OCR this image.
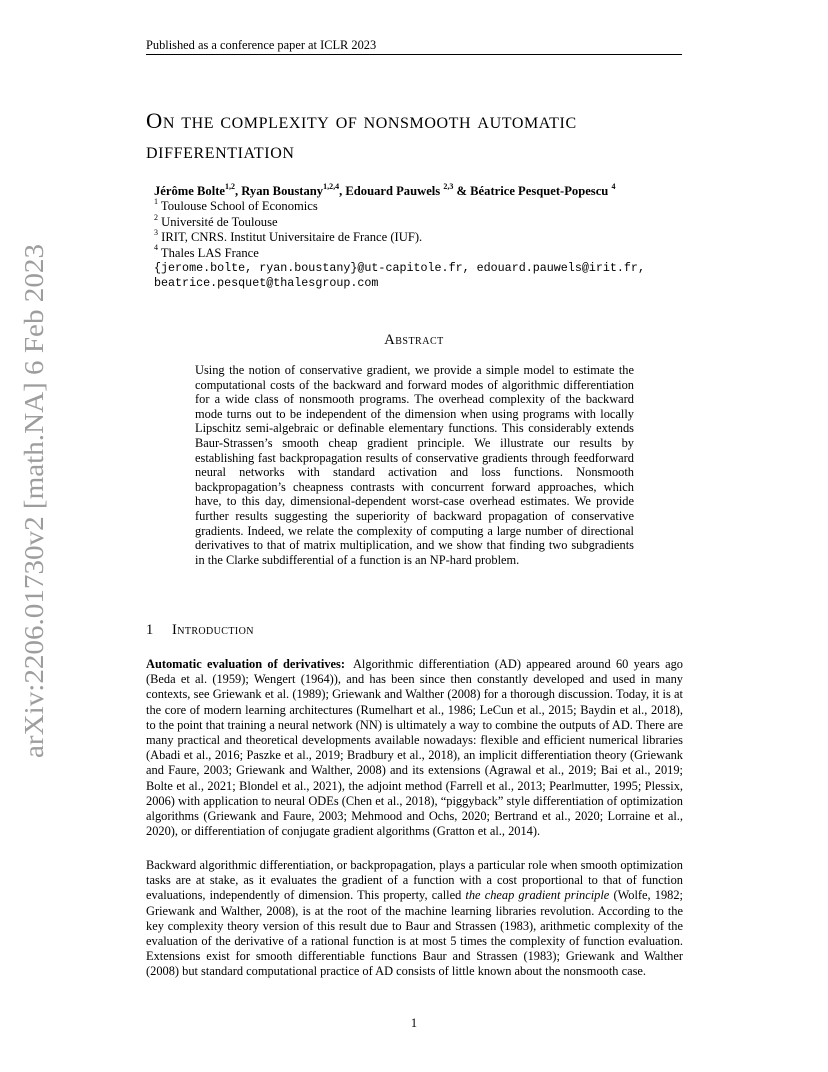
arXiv:2206.01730v2 [math.NA] 6 Feb 2023
Published as a conference paper at ICLR 2023
On the complexity of nonsmooth automatic
differentiation
Jérôme Bolte$^{1,2}$, Ryan Boustany$^{1,2,4}$, Edouard Pauwels $^{2,3}$ & Béatrice Pesquet-Popescu $^4$
$^1$ Toulouse School of Economics
$^2$ Université de Toulouse
$^3$ IRIT, CNRS. Institut Universitaire de France (IUF).
$^4$ Thales LAS France
{jerome.bolte, ryan.boustany}@ut-capitole.fr, edouard.pauwels@irit.fr,
beatrice.pesquet@thalesgroup.com
Abstract

Using the notion of conservative gradient, we provide a simple model to estimate the computational costs of the backward and forward modes of algorithmic differentiation for a wide class of nonsmooth programs. The overhead complexity of the backward mode turns out to be independent of the dimension when using programs with locally Lipschitz semi-algebraic or definable elementary functions. This considerably extends Baur-Strassen’s smooth cheap gradient principle. We illustrate our results by establishing fast backpropagation results of conservative gradients through feedforward neural networks with standard activation and loss functions. Nonsmooth backpropagation’s cheapness contrasts with concurrent forward approaches, which have, to this day, dimensional-dependent worst-case overhead estimates. We provide further results suggesting the superiority of backward propagation of conservative gradients. Indeed, we relate the complexity of computing a large number of directional derivatives to that of matrix multiplication, and we show that finding two subgradients in the Clarke subdifferential of a function is an NP-hard problem.

1 Introduction

Automatic evaluation of derivatives: Algorithmic differentiation (AD) appeared around 60 years ago (Beda et al. (1959); Wengert (1964)), and has been since then constantly developed and used in many contexts, see Griewank et al. (1989); Griewank and Walther (2008) for a thorough discussion. Today, it is at the core of modern learning architectures (Rumelhart et al., 1986; LeCun et al., 2015; Baydin et al., 2018), to the point that training a neural network (NN) is ultimately a way to combine the outputs of AD. There are many practical and theoretical developments available nowadays: flexible and efficient numerical libraries (Abadi et al., 2016; Paszke et al., 2019; Bradbury et al., 2018), an implicit differentiation theory (Griewank and Faure, 2003; Griewank and Walther, 2008) and its extensions (Agrawal et al., 2019; Bai et al., 2019; Bolte et al., 2021; Blondel et al., 2021), the adjoint method (Farrell et al., 2013; Pearlmutter, 1995; Plessix, 2006) with application to neural ODEs (Chen et al., 2018), “piggyback” style differentiation of optimization algorithms (Griewank and Faure, 2003; Mehmood and Ochs, 2020; Bertrand et al., 2020; Lorraine et al., 2020), or differentiation of conjugate gradient algorithms (Gratton et al., 2014).

Backward algorithmic differentiation, or backpropagation, plays a particular role when smooth optimization tasks are at stake, as it evaluates the gradient of a function with a cost proportional to that of function evaluations, independently of dimension. This property, called the cheap gradient principle (Wolfe, 1982; Griewank and Walther, 2008), is at the root of the machine learning libraries revolution. According to the key complexity theory version of this result due to Baur and Strassen (1983), arithmetic complexity of the evaluation of the derivative of a rational function is at most 5 times the complexity of function evaluation. Extensions exist for smooth differentiable functions Baur and Strassen (1983); Griewank and Walther (2008) but standard computational practice of AD consists of little known about the nonsmooth case.

1
